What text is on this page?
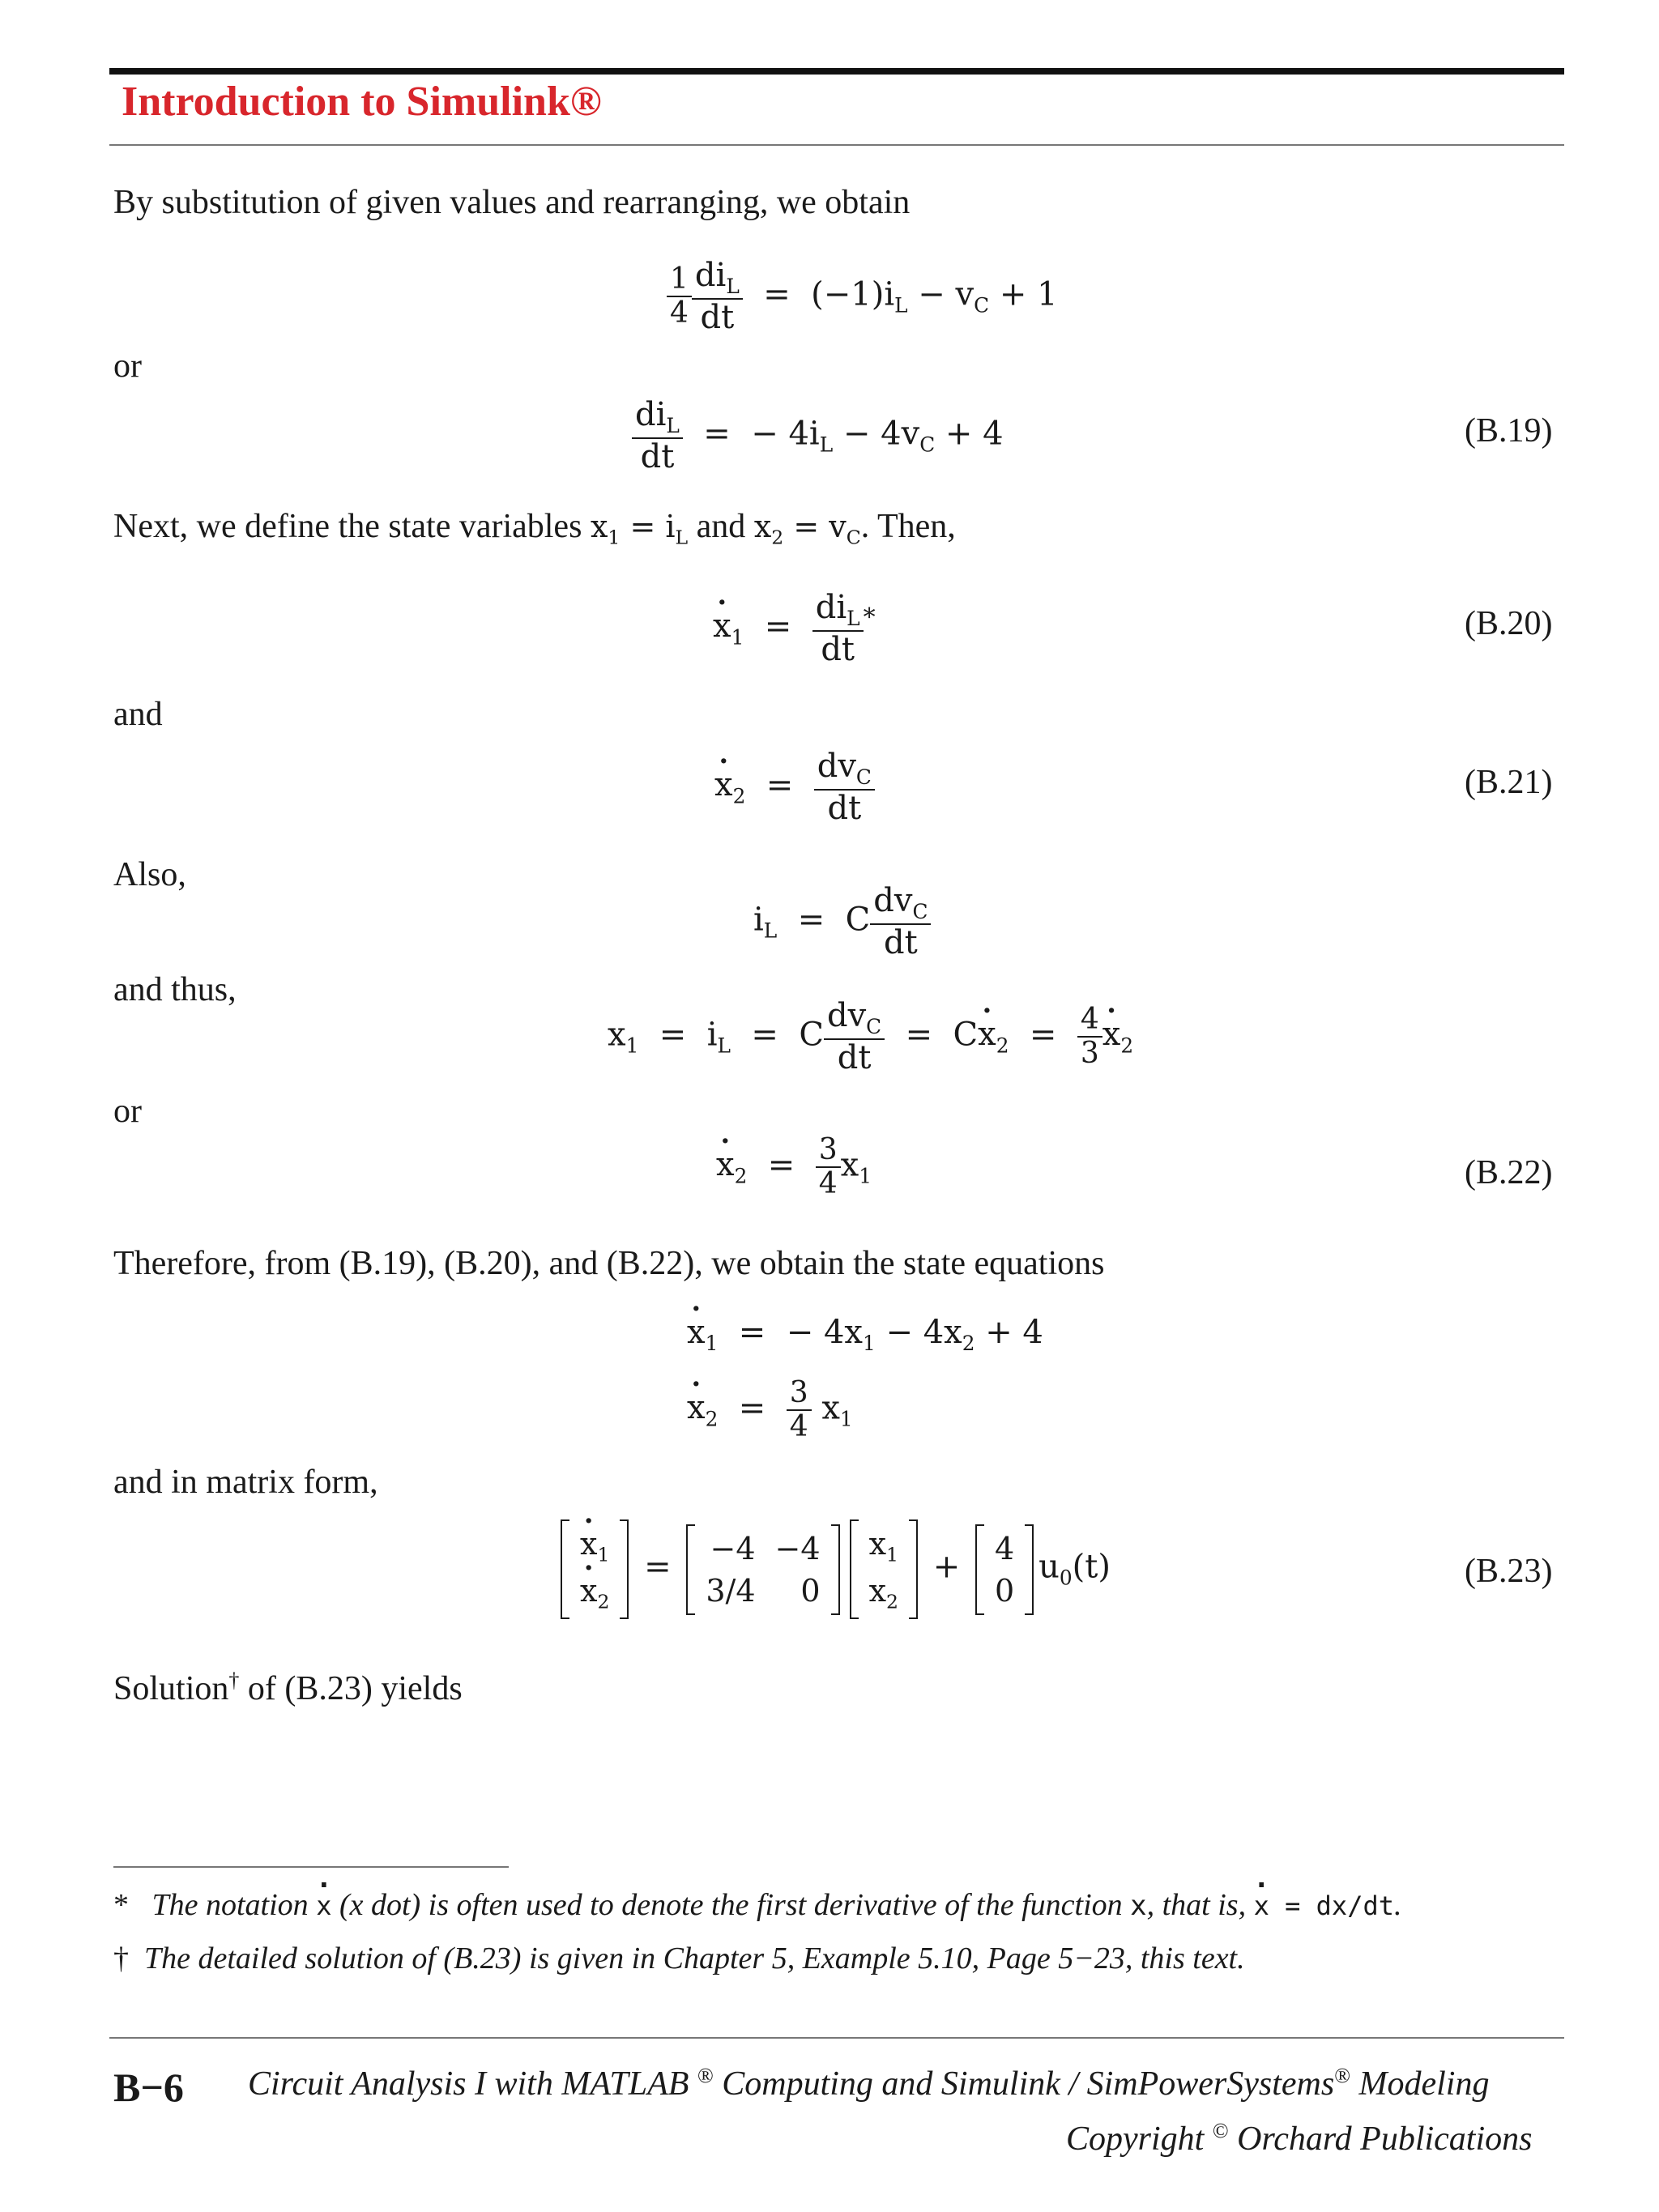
Introduction to Simulink®
By substitution of given values and rearranging, we obtain
$\frac{1}{4} \frac{di_L}{dt} = (-1)i_L - v_C + 1$
or
$\frac{di_L}{dt}$ =  − $4i_L - 4v_C + 4$	(B.19)
Next, we define the state variables $x_1 = i_L$ and $x_2 = v_C$. Then,
$x \cdot_1 = \frac{di_L}{dt} ^*$	(B.20)
and
$x \cdot_2 = \frac{dv_C}{dt}$	(B.21)
Also,
$i_L = C \frac{dv_C}{dt}$
and thus,
$x_1 = i_L = C \frac{dv_C}{dt} = Cx \cdot_2 = \frac{4}{3}$ $x \cdot_2$
or
$x \cdot_2 = \frac{3}{4} x_1$	(B.22)
Therefore, from (B.19), (B.20), and (B.22), we obtain the state equations
$x \cdot_1$  =  − $4x_1 - 4x_2 + 4$
$x \cdot_2 = \frac{3}{4} x_1$
and in matrix form,
$x \cdot_1$
$x \cdot_2$
= −4	−4
3/4	0
$x_1$
$x_2$
+ 4
0
$u_0(t)$	(B.23)
Solution† of (B.23) yields
* The notation x · (x dot) is often used to denote the first derivative of the function x, that is, x · = dx/dt.
† The detailed solution of (B.23) is given in Chapter 5, Example 5.10, Page 5−23, this text.
B−6 Circuit Analysis I with MATLAB ® Computing and Simulink / SimPowerSystems® Modeling
Copyright © Orchard Publications
